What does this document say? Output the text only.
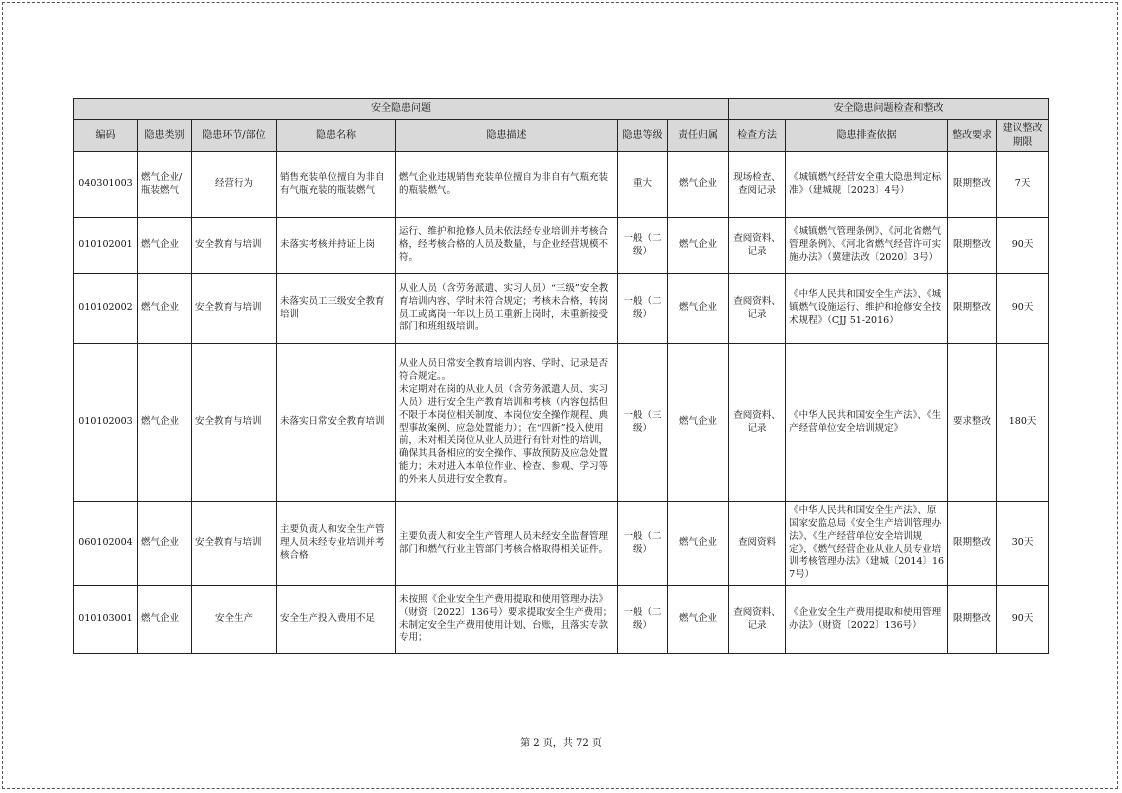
安全隐患问题							安全隐患问题检查和整改			
编码	隐患类别	隐患环节/部位	隐患名称	隐患描述	隐患等级	责任归属	检查方法	隐患排查依据	整改要求	建议整改期限
040301003	燃气企业/瓶装燃气	经营行为	销售充装单位擅自为非自有气瓶充装的瓶装燃气	燃气企业违规销售充装单位擅自为非自有气瓶充装的瓶装燃气。	重大	燃气企业	现场检查、查阅记录	《城镇燃气经营安全重大隐患判定标准》（建城规〔2023〕4号）	限期整改	7天
010102001	燃气企业	安全教育与培训	未落实考核并持证上岗	运行、维护和抢修人员未依法经专业培训并考核合格，经考核合格的人员及数量，与企业经营规模不符。	一般（二级）	燃气企业	查阅资料、记录	《城镇燃气管理条例》、《河北省燃气管理条例》、《河北省燃气经营许可实施办法》（冀建法改〔2020〕3号）	限期整改	90天
010102002	燃气企业	安全教育与培训	未落实员工三级安全教育培训	从业人员（含劳务派遣、实习人员）“三级”安全教育培训内容、学时未符合规定；考核未合格，转岗员工或离岗一年以上员工重新上岗时，未重新接受部门和班组级培训。	一般（二级）	燃气企业	查阅资料、记录	《中华人民共和国安全生产法》、《城镇燃气设施运行、维护和抢修安全技术规程》（CJJ 51-2016）	限期整改	90天
010102003	燃气企业	安全教育与培训	未落实日常安全教育培训	从业人员日常安全教育培训内容、学时、记录是否符合规定。。
未定期对在岗的从业人员（含劳务派遣人员、实习人员）进行安全生产教育培训和考核（内容包括但不限于本岗位相关制度、本岗位安全操作规程、典型事故案例、应急处置能力）；在“四新”投入使用前，未对相关岗位从业人员进行有针对性的培训，确保其具备相应的安全操作、事故预防及应急处置能力；未对进入本单位作业、检查、参观、学习等的外来人员进行安全教育。	一般（三级）	燃气企业	查阅资料、记录	《中华人民共和国安全生产法》、《生产经营单位安全培训规定》	要求整改	180天
060102004	燃气企业	安全教育与培训	主要负责人和安全生产管理人员未经专业培训并考核合格	主要负责人和安全生产管理人员未经安全监督管理部门和燃气行业主管部门考核合格取得相关证件。	一般（二级）	燃气企业	查阅资料	《中华人民共和国安全生产法》、原国家安监总局《安全生产培训管理办法》、《生产经营单位安全培训规定》，《燃气经营企业从业人员专业培训考核管理办法》（建城〔2014〕167号）	限期整改	30天
010103001	燃气企业	安全生产	安全生产投入费用不足	未按照《企业安全生产费用提取和使用管理办法》（财资〔2022〕136号）要求提取安全生产费用；未制定安全生产费用使用计划、台账，且落实专款专用；	一般（二级）	燃气企业	查阅资料、记录	《企业安全生产费用提取和使用管理办法》（财资〔2022〕136号）	限期整改	90天
第 2 页，共 72 页
